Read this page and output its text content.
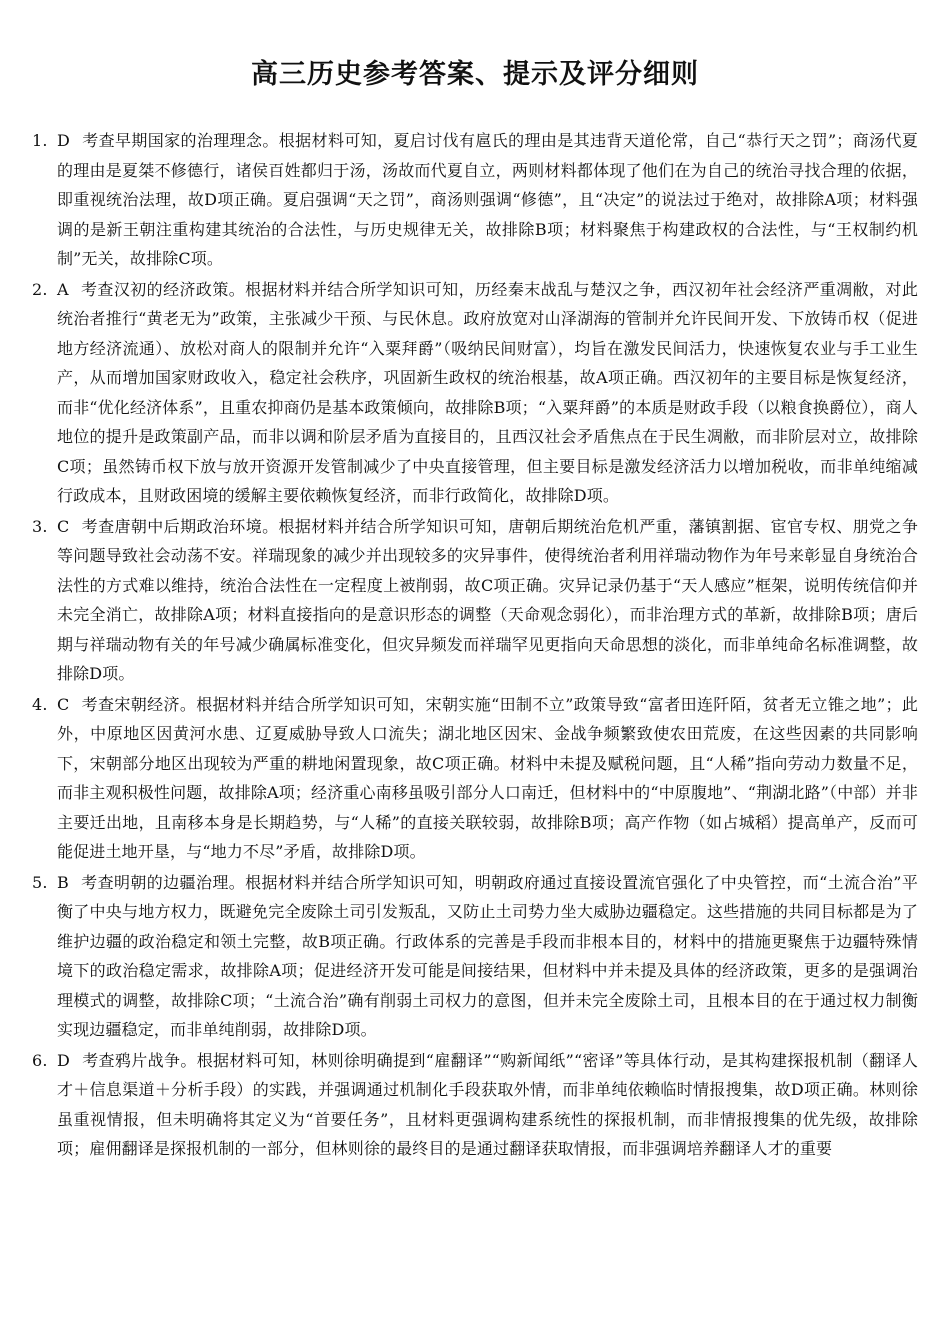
高三历史参考答案、提示及评分细则

1. D 考查早期国家的治理理念。根据材料可知，夏启讨伐有扈氏的理由是其违背天道伦常，自己“恭行天之罚”；商汤代夏的理由是夏桀不修德行，诸侯百姓都归于汤，汤故而代夏自立，两则材料都体现了他们在为自己的统治寻找合理的依据，即重视统治法理，故D项正确。夏启强调“天之罚”，商汤则强调“修德”，且“决定”的说法过于绝对，故排除A项；材料强调的是新王朝注重构建其统治的合法性，与历史规律无关，故排除B项；材料聚焦于构建政权的合法性，与“王权制约机制”无关，故排除C项。

2. A 考查汉初的经济政策。根据材料并结合所学知识可知，历经秦末战乱与楚汉之争，西汉初年社会经济严重凋敝，对此统治者推行“黄老无为”政策，主张减少干预、与民休息。政府放宽对山泽湖海的管制并允许民间开发、下放铸币权（促进地方经济流通）、放松对商人的限制并允许“入粟拜爵”（吸纳民间财富），均旨在激发民间活力，快速恢复农业与手工业生产，从而增加国家财政收入，稳定社会秩序，巩固新生政权的统治根基，故A项正确。西汉初年的主要目标是恢复经济，而非“优化经济体系”，且重农抑商仍是基本政策倾向，故排除B项；“入粟拜爵”的本质是财政手段（以粮食换爵位），商人地位的提升是政策副产品，而非以调和阶层矛盾为直接目的，且西汉社会矛盾焦点在于民生凋敝，而非阶层对立，故排除C项；虽然铸币权下放与放开资源开发管制减少了中央直接管理，但主要目标是激发经济活力以增加税收，而非单纯缩减行政成本，且财政困境的缓解主要依赖恢复经济，而非行政简化，故排除D项。

3. C 考查唐朝中后期政治环境。根据材料并结合所学知识可知，唐朝后期统治危机严重，藩镇割据、宦官专权、朋党之争等问题导致社会动荡不安。祥瑞现象的减少并出现较多的灾异事件，使得统治者利用祥瑞动物作为年号来彰显自身统治合法性的方式难以维持，统治合法性在一定程度上被削弱，故C项正确。灾异记录仍基于“天人感应”框架，说明传统信仰并未完全消亡，故排除A项；材料直接指向的是意识形态的调整（天命观念弱化），而非治理方式的革新，故排除B项；唐后期与祥瑞动物有关的年号减少确属标准变化，但灾异频发而祥瑞罕见更指向天命思想的淡化，而非单纯命名标准调整，故排除D项。

4. C 考查宋朝经济。根据材料并结合所学知识可知，宋朝实施“田制不立”政策导致“富者田连阡陌，贫者无立锥之地”；此外，中原地区因黄河水患、辽夏威胁导致人口流失；湖北地区因宋、金战争频繁致使农田荒废，在这些因素的共同影响下，宋朝部分地区出现较为严重的耕地闲置现象，故C项正确。材料中未提及赋税问题，且“人稀”指向劳动力数量不足，而非主观积极性问题，故排除A项；经济重心南移虽吸引部分人口南迁，但材料中的“中原腹地”、“荆湖北路”（中部）并非主要迁出地，且南移本身是长期趋势，与“人稀”的直接关联较弱，故排除B项；高产作物（如占城稻）提高单产，反而可能促进土地开垦，与“地力不尽”矛盾，故排除D项。

5. B 考查明朝的边疆治理。根据材料并结合所学知识可知，明朝政府通过直接设置流官强化了中央管控，而“土流合治”平衡了中央与地方权力，既避免完全废除土司引发叛乱，又防止土司势力坐大威胁边疆稳定。这些措施的共同目标都是为了维护边疆的政治稳定和领土完整，故B项正确。行政体系的完善是手段而非根本目的，材料中的措施更聚焦于边疆特殊情境下的政治稳定需求，故排除A项；促进经济开发可能是间接结果，但材料中并未提及具体的经济政策，更多的是强调治理模式的调整，故排除C项；“土流合治”确有削弱土司权力的意图，但并未完全废除土司，且根本目的在于通过权力制衡实现边疆稳定，而非单纯削弱，故排除D项。

6. D 考查鸦片战争。根据材料可知，林则徐明确提到“雇翻译”“购新闻纸”“密译”等具体行动，是其构建探报机制（翻译人才＋信息渠道＋分析手段）的实践，并强调通过机制化手段获取外情，而非单纯依赖临时情报搜集，故D项正确。林则徐虽重视情报，但未明确将其定义为“首要任务”，且材料更强调构建系统性的探报机制，而非情报搜集的优先级，故排除 项；雇佣翻译是探报机制的一部分，但林则徐的最终目的是通过翻译获取情报，而非强调培养翻译人才的重要
